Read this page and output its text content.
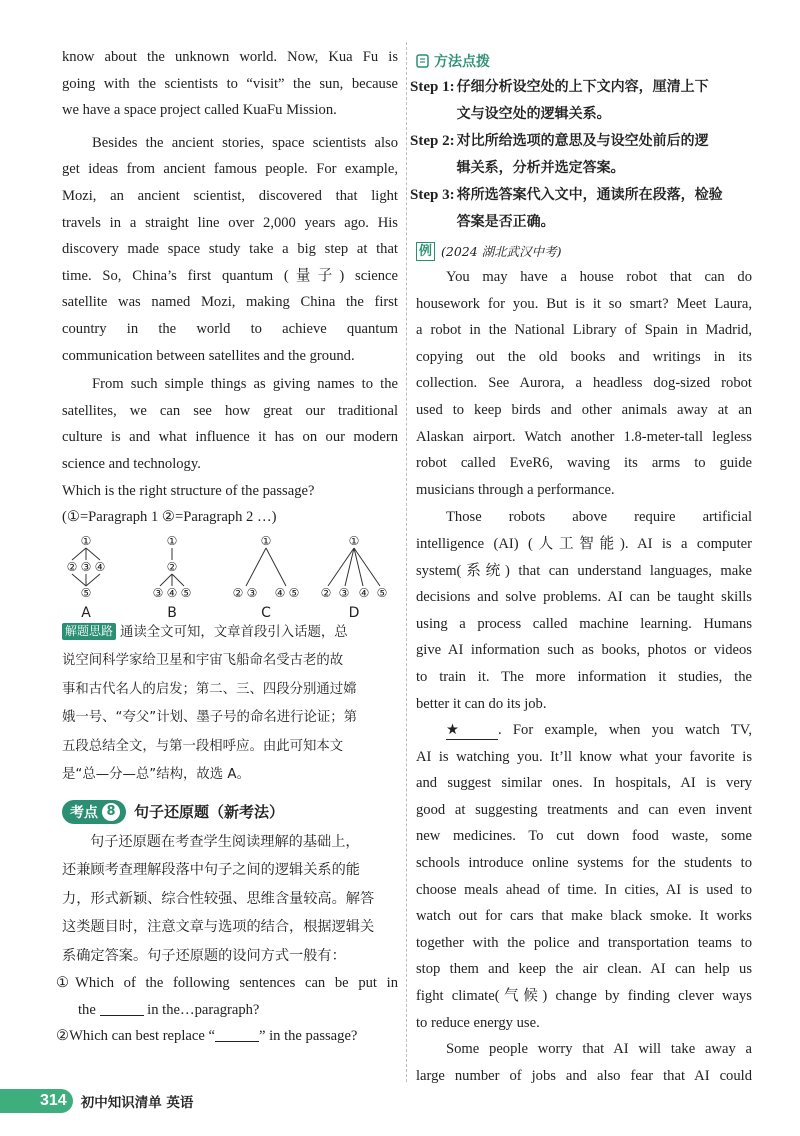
know about the unknown world. Now, Kua Fu is
going with the scientists to “visit” the sun, because
we have a space project called KuaFu Mission.
Besides the ancient stories, space scientists also
get ideas from ancient famous people. For example,
Mozi, an ancient scientist, discovered that light
travels in a straight line over 2,000 years ago. His
discovery made space study take a big step at that
time. So, China’s first quantum (量子) science
satellite was named Mozi, making China the first
country in the world to achieve quantum
communication between satellites and the ground.
From such simple things as giving names to the
satellites, we can see how great our traditional
culture is and what influence it has on our modern
science and technology.
Which is the right structure of the passage?
(①=Paragraph 1 ②=Paragraph 2 …)
①
② ③ ④
⑤
①
②
③ ④ ⑤
①
② ③ ④ ⑤
①
② ③ ④ ⑤
A	B	C	D
解题思路 通读全文可知，文章首段引入话题，总
说空间科学家给卫星和宇宙飞船命名受古老的故
事和古代名人的启发；第二、三、四段分别通过嫦
娥一号、“夸父”计划、墨子号的命名进行论证；第
五段总结全文，与第一段相呼应。由此可知本文
是“总—分—总”结构，故选 A。
考点 8 句子还原题（新考法）
句子还原题在考查学生阅读理解的基础上，
还兼顾考查理解段落中句子之间的逻辑关系的能
力，形式新颖、综合性较强、思维含量较高。解答
这类题目时，注意文章与选项的结合，根据逻辑关
系确定答案。句子还原题的设问方式一般有：
①Which of the following sentences can be put in
the	in the…paragraph?
②Which can best replace “	” in the passage?
方法点拨
Step 1: 仔细分析设空处的上下文内容，厘清上下
文与设空处的逻辑关系。
Step 2: 对比所给选项的意思及与设空处前后的逻
辑关系，分析并选定答案。
Step 3: 将所选答案代入文中，通读所在段落，检验
答案是否正确。
例 (2024 湖北武汉中考)
You may have a house robot that can do
housework for you. But is it so smart? Meet Laura,
a robot in the National Library of Spain in Madrid,
copying out the old books and writings in its
collection. See Aurora, a headless dog-sized robot
used to keep birds and other animals away at an
Alaskan airport. Watch another 1.8-meter-tall legless
robot called EveR6, waving its arms to guide
musicians through a performance.
Those robots above require artificial
intelligence (AI) (人工智能). AI is a computer
system(系统) that can understand languages, make
decisions and solve problems. AI can be taught skills
using a process called machine learning. Humans
give AI information such as books, photos or videos
to train it. The more information it studies, the
better it can do its job.
★	. For example, when you watch TV,
AI is watching you. It’ll know what your favorite is
and suggest similar ones. In hospitals, AI is very
good at suggesting treatments and can even invent
new medicines. To cut down food waste, some
schools introduce online systems for the students to
choose meals ahead of time. In cities, AI is used to
watch out for cars that make black smoke. It works
together with the police and transportation teams to
stop them and keep the air clean. AI can help us
fight climate(气候) change by finding clever ways
to reduce energy use.
Some people worry that AI will take away a
large number of jobs and also fear that AI could
314	初中知识清单 英语
